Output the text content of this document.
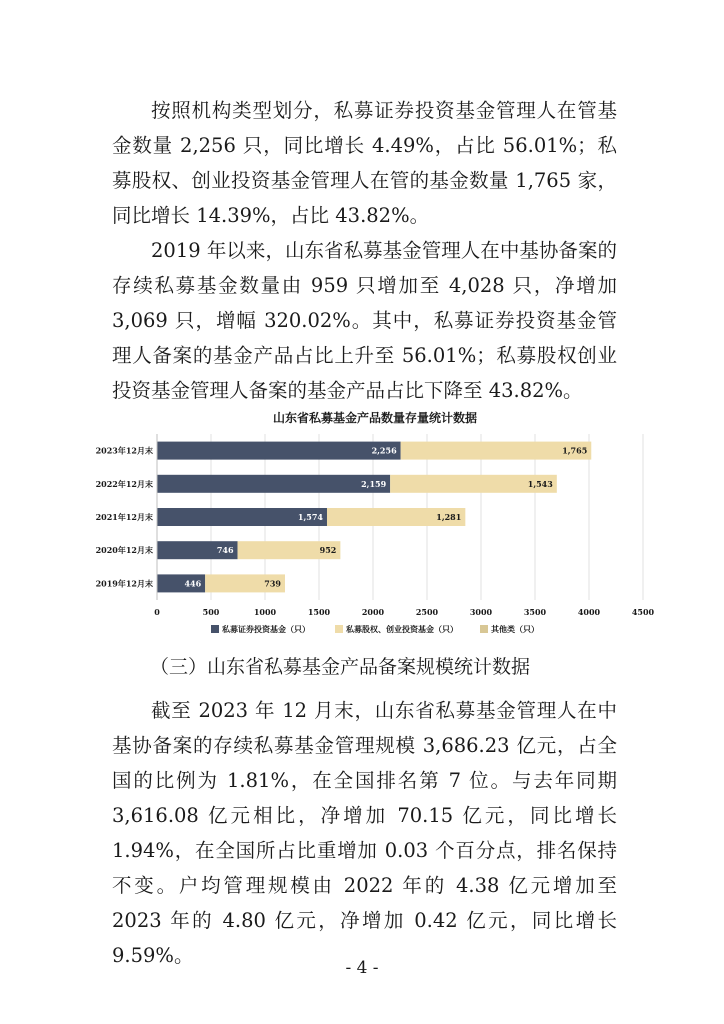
按照机构类型划分，私募证券投资基金管理人在管基金数量 2,256 只，同比增长 4.49%，占比 56.01%；私募股权、创业投资基金管理人在管的基金数量 1,765 家，同比增长 14.39%，占比 43.82%。

2019 年以来，山东省私募基金管理人在中基协备案的存续私募基金数量由 959 只增加至 4,028 只，净增加 3,069 只，增幅 320.02%。其中，私募证券投资基金管理人备案的基金产品占比上升至 56.01%；私募股权创业投资基金管理人备案的基金产品占比下降至 43.82%。

山东省私募基金产品数量存量统计数据
2,256	1,765
2,159	1,543
1,574	1,281
746	952
446	739
0	500	1000	1500	2000	2500	3000	3500	4000	4500
2023年12月末
2022年12月末
2021年12月末
2020年12月末
2019年12月末
私募证券投资基金（只）	私募股权、创业投资基金（只）	其他类（只）
（三）山东省私募基金产品备案规模统计数据

截至 2023 年 12 月末，山东省私募基金管理人在中基协备案的存续私募基金管理规模 3,686.23 亿元，占全国的比例为 1.81%，在全国排名第 7 位。与去年同期 3,616.08 亿元相比，净增加 70.15 亿元，同比增长 1.94%，在全国所占比重增加 0.03 个百分点，排名保持不变。户均管理规模由 2022 年的 4.38 亿元增加至 2023 年的 4.80 亿元，净增加 0.42 亿元，同比增长 9.59%。

- 4 -
